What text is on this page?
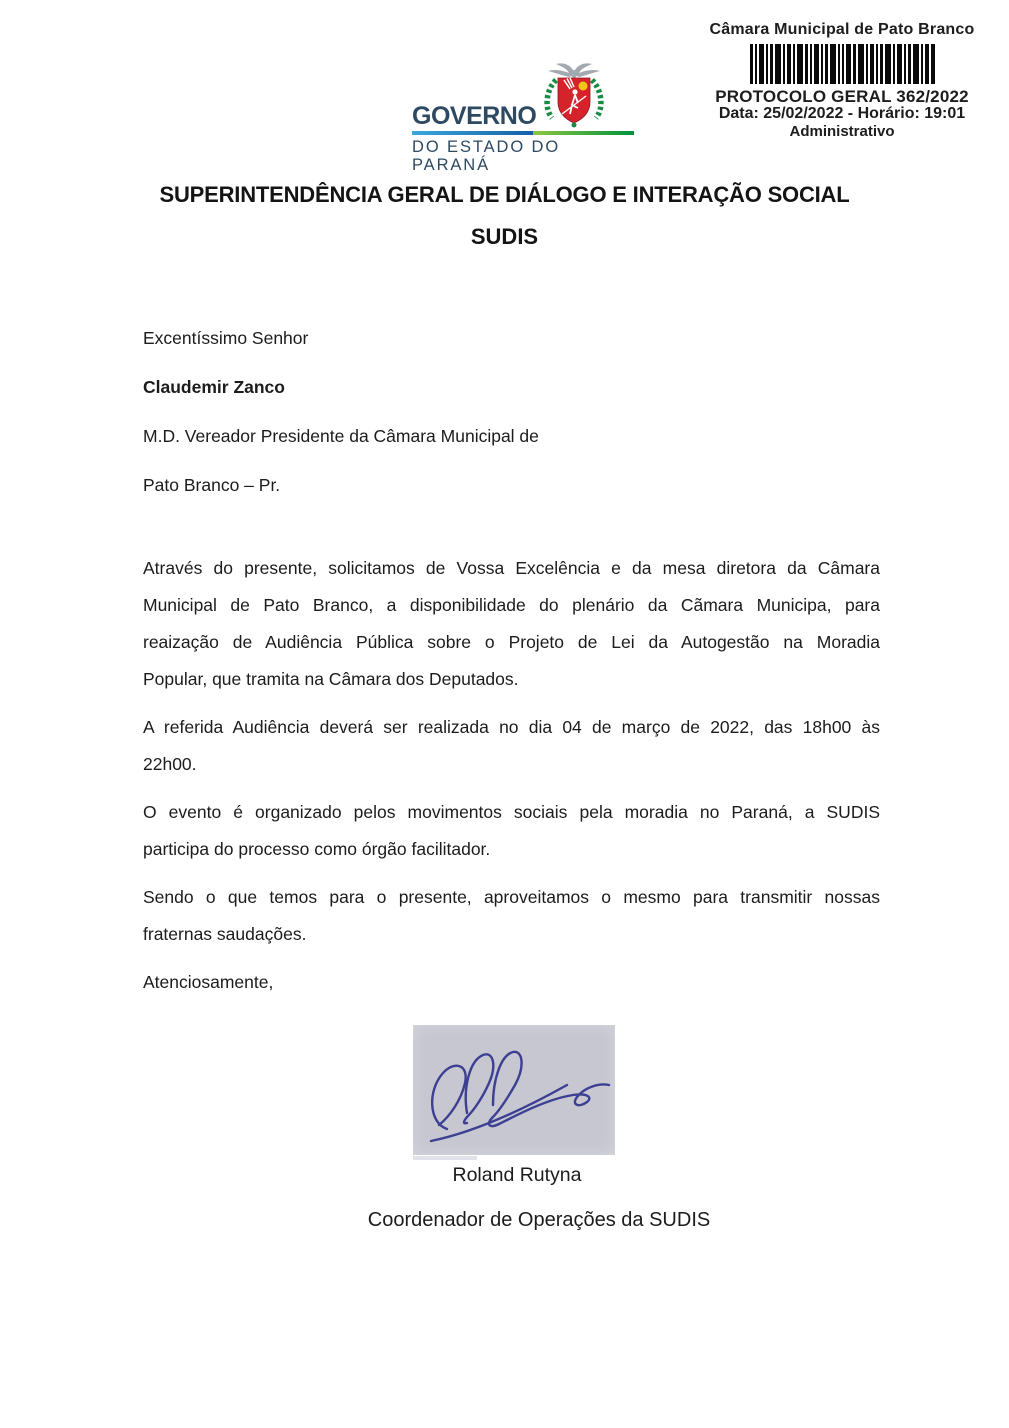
GOVERNO
DO ESTADO DO PARANÁ
Câmara Municipal de Pato Branco
PROTOCOLO GERAL 362/2022
Data: 25/02/2022 - Horário: 19:01
Administrativo
SUPERINTENDÊNCIA GERAL DE DIÁLOGO E INTERAÇÃO SOCIAL
SUDIS

Excentíssimo Senhor

Claudemir Zanco

M.D. Vereador Presidente da Câmara Municipal de

Pato Branco – Pr.

Através do presente, solicitamos de Vossa Excelência e da mesa diretora da Câmara
Municipal de Pato Branco, a disponibilidade do plenário da Cãmara Municipa, para
reaização de Audiência Pública sobre o Projeto de Lei da Autogestão na Moradia
Popular, que tramita na Câmara dos Deputados.
A referida Audiência deverá ser realizada no dia 04 de março de 2022, das 18h00 às
22h00.
O evento é organizado pelos movimentos sociais pela moradia no Paraná, a SUDIS
participa do processo como órgão facilitador.
Sendo o que temos para o presente, aproveitamos o mesmo para transmitir nossas
fraternas saudações.
Atenciosamente,
Roland Rutyna
Coordenador de Operações da SUDIS
